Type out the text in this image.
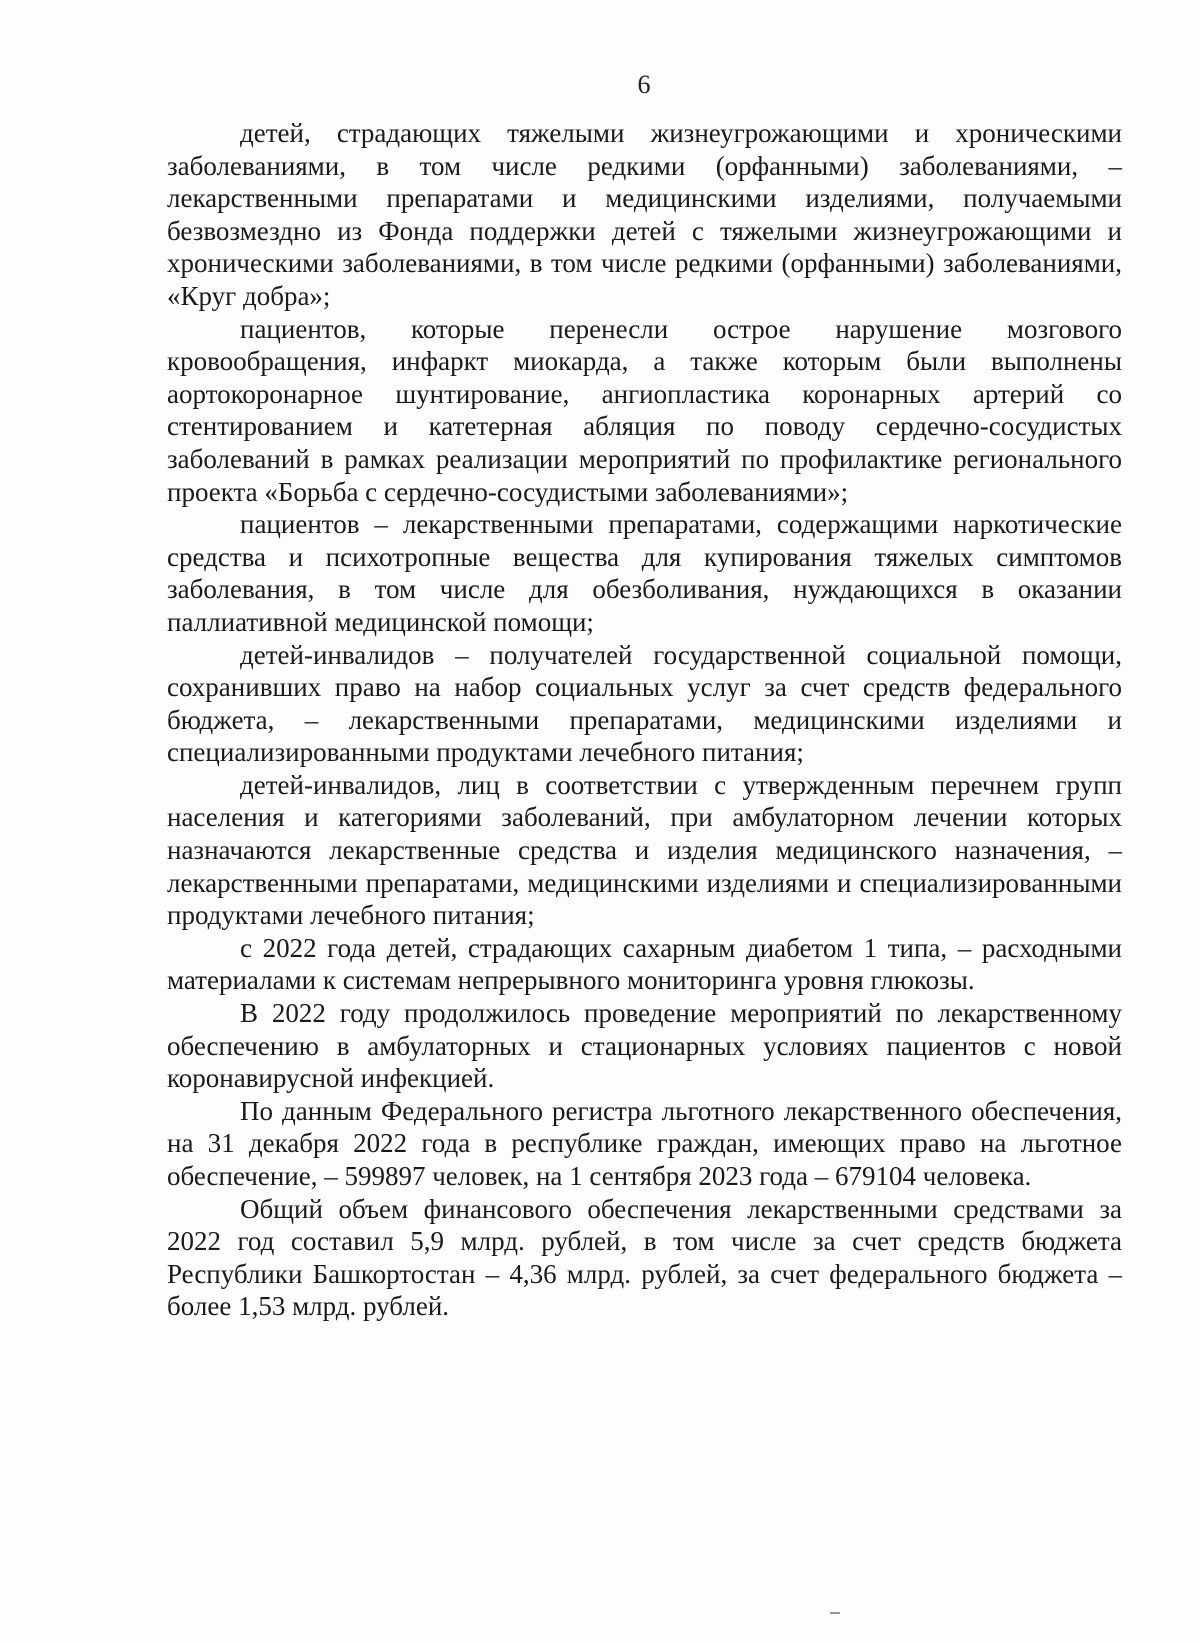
6

детей, страдающих тяжелыми жизнеугрожающими и хроническими заболеваниями, в том числе редкими (орфанными) заболеваниями, – лекарственными препаратами и медицинскими изделиями, получаемыми безвозмездно из Фонда поддержки детей с тяжелыми жизнеугрожающими и хроническими заболеваниями, в том числе редкими (орфанными) заболеваниями, «Круг добра»;

пациентов, которые перенесли острое нарушение мозгового кровообращения, инфаркт миокарда, а также которым были выполнены аортокоронарное шунтирование, ангиопластика коронарных артерий со стентированием и катетерная абляция по поводу сердечно-сосудистых заболеваний в рамках реализации мероприятий по профилактике регионального проекта «Борьба с сердечно-сосудистыми заболеваниями»;

пациентов – лекарственными препаратами, содержащими наркотические средства и психотропные вещества для купирования тяжелых симптомов заболевания, в том числе для обезболивания, нуждающихся в оказании паллиативной медицинской помощи;

детей-инвалидов – получателей государственной социальной помощи, сохранивших право на набор социальных услуг за счет средств федерального бюджета, – лекарственными препаратами, медицинскими изделиями и специализированными продуктами лечебного питания;

детей-инвалидов, лиц в соответствии с утвержденным перечнем групп населения и категориями заболеваний, при амбулаторном лечении которых назначаются лекарственные средства и изделия медицинского назначения, – лекарственными препаратами, медицинскими изделиями и специализированными продуктами лечебного питания;

с 2022 года детей, страдающих сахарным диабетом 1 типа, – расходными материалами к системам непрерывного мониторинга уровня глюкозы.

В 2022 году продолжилось проведение мероприятий по лекарственному обеспечению в амбулаторных и стационарных условиях пациентов с новой коронавирусной инфекцией.

По данным Федерального регистра льготного лекарственного обеспечения, на 31 декабря 2022 года в республике граждан, имеющих право на льготное обеспечение, – 599897 человек, на 1 сентября 2023 года – 679104 человека.

Общий объем финансового обеспечения лекарственными средствами за 2022 год составил 5,9 млрд. рублей, в том числе за счет средств бюджета Республики Башкортостан – 4,36 млрд. рублей, за счет федерального бюджета – более 1,53 млрд. рублей.
